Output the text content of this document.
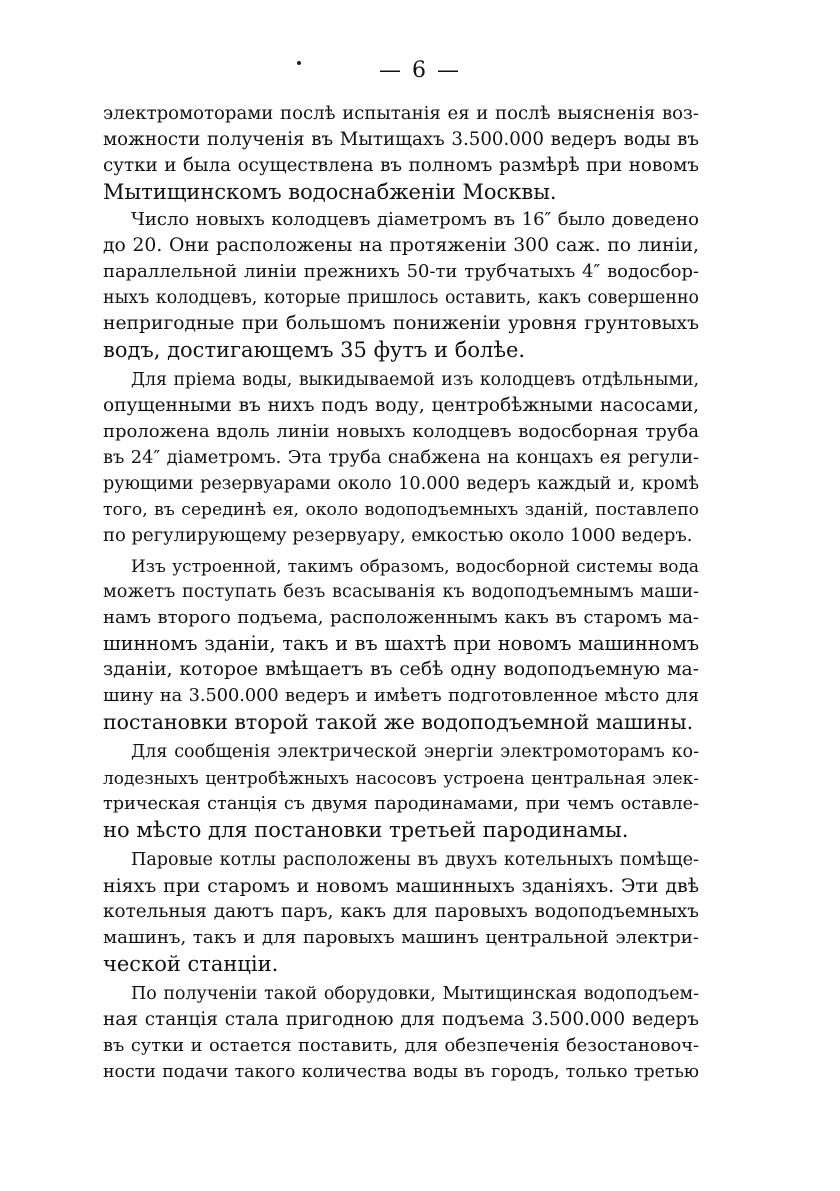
— 6 —
электромоторами послѣ испытанія ея и послѣ выясненія воз-
можности полученія въ Мытищахъ 3.500.000 ведеръ воды въ
сутки и была осуществлена въ полномъ размѣрѣ при новомъ
Мытищинскомъ водоснабженіи Москвы.
Число новыхъ колодцевъ діаметромъ въ 16″ было доведено
до 20. Они расположены на протяженіи 300 саж. по линіи,
параллельной линіи прежнихъ 50-ти трубчатыхъ 4″ водосбор-
ныхъ колодцевъ, которые пришлось оставить, какъ совершенно
непригодные при большомъ пониженіи уровня грунтовыхъ
водъ, достигающемъ 35 футъ и болѣе.
Для пріема воды, выкидываемой изъ колодцевъ отдѣльными,
опущенными въ нихъ подъ воду, центробѣжными насосами,
проложена вдоль линіи новыхъ колодцевъ водосборная труба
въ 24″ діаметромъ. Эта труба снабжена на концахъ ея регули-
рующими резервуарами около 10.000 ведеръ каждый и, кромѣ
того, въ серединѣ ея, около водоподъемныхъ зданій, поставлепо
по регулирующему резервуару, емкостью около 1000 ведеръ.
Изъ устроенной, такимъ образомъ, водосборной системы вода
можетъ поступать безъ всасыванія къ водоподъемнымъ маши-
намъ второго подъема, расположеннымъ какъ въ старомъ ма-
шинномъ зданіи, такъ и въ шахтѣ при новомъ машинномъ
зданіи, которое вмѣщаетъ въ себѣ одну водоподъемную ма-
шину на 3.500.000 ведеръ и имѣетъ подготовленное мѣсто для
постановки второй такой же водоподъемной машины.
Для сообщенія электрической энергіи электромоторамъ ко-
лодезныхъ центробѣжныхъ насосовъ устроена центральная элек-
трическая станція съ двумя пародинамами, при чемъ оставле-
но мѣсто для постановки третьей пародинамы.
Паровые котлы расположены въ двухъ котельныхъ помѣще-
ніяхъ при старомъ и новомъ машинныхъ зданіяхъ. Эти двѣ
котельныя даютъ паръ, какъ для паровыхъ водоподъемныхъ
машинъ, такъ и для паровыхъ машинъ центральной электри-
ческой станціи.
По полученіи такой оборудовки, Мытищинская водоподъем-
ная станція стала пригодною для подъема 3.500.000 ведеръ
въ сутки и остается поставить, для обезпеченія безостановоч-
ности подачи такого количества воды въ городъ, только третью
